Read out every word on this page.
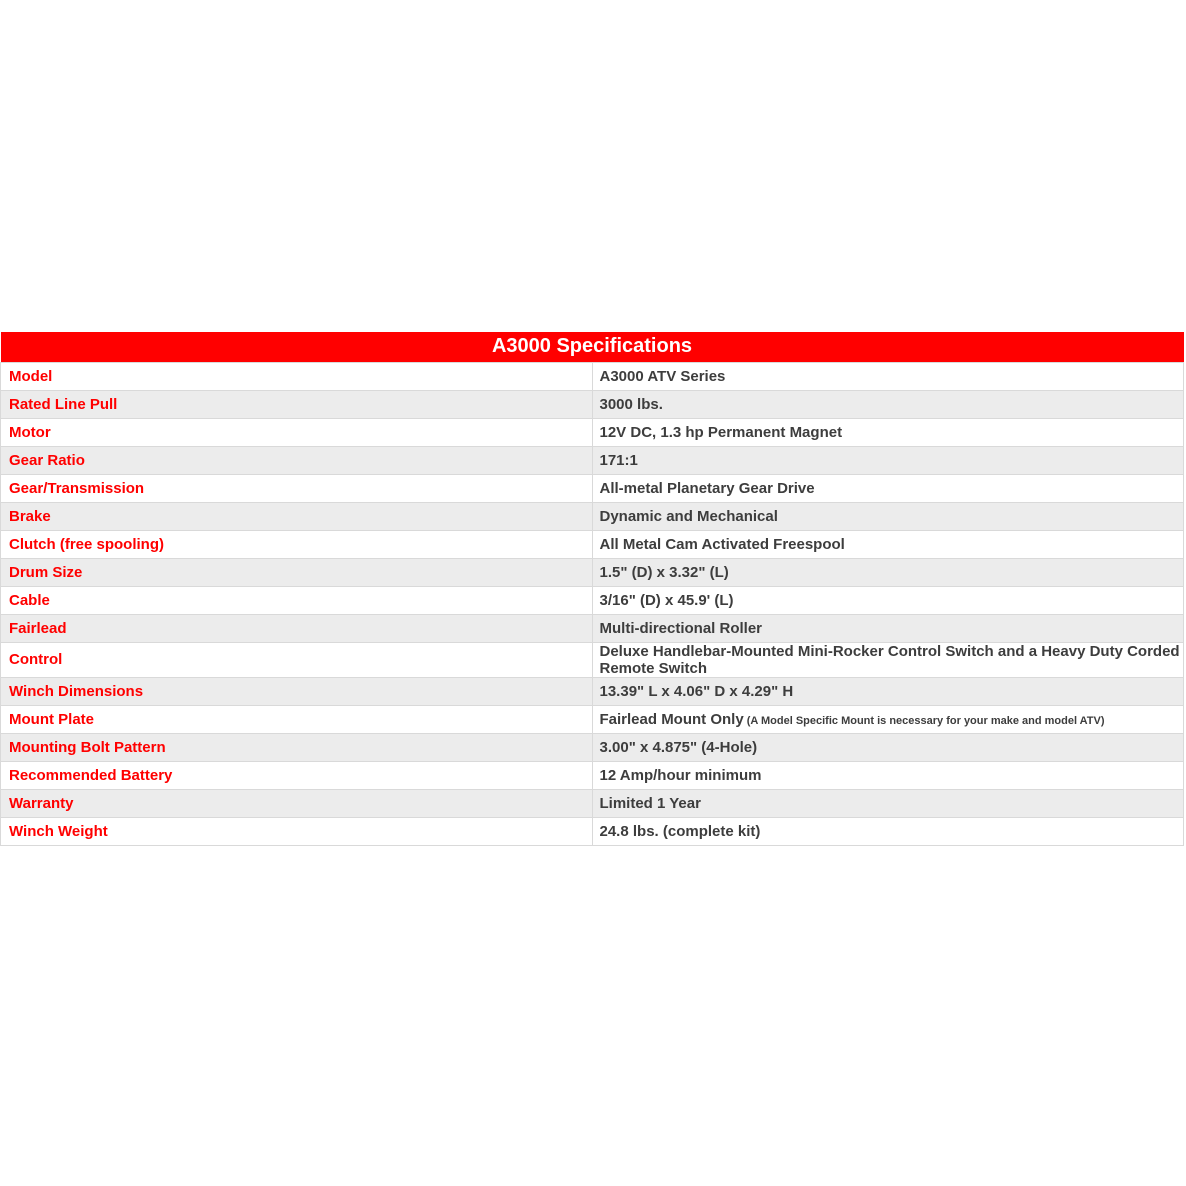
A3000 Specifications	
Model	A3000 ATV Series
Rated Line Pull	3000 lbs.
Motor	12V DC, 1.3 hp Permanent Magnet
Gear Ratio	171:1
Gear/Transmission	All-metal Planetary Gear Drive
Brake	Dynamic and Mechanical
Clutch (free spooling)	All Metal Cam Activated Freespool
Drum Size	1.5" (D) x 3.32" (L)
Cable	3/16" (D) x 45.9' (L)
Fairlead	Multi-directional Roller
Control	Deluxe Handlebar-Mounted Mini-Rocker Control Switch and a Heavy Duty Corded Remote Switch
Winch Dimensions	13.39" L x 4.06" D x 4.29" H
Mount Plate	Fairlead Mount Only (A Model Specific Mount is necessary for your make and model ATV)
Mounting Bolt Pattern	3.00" x 4.875" (4-Hole)
Recommended Battery	12 Amp/hour minimum
Warranty	Limited 1 Year
Winch Weight	24.8 lbs. (complete kit)
